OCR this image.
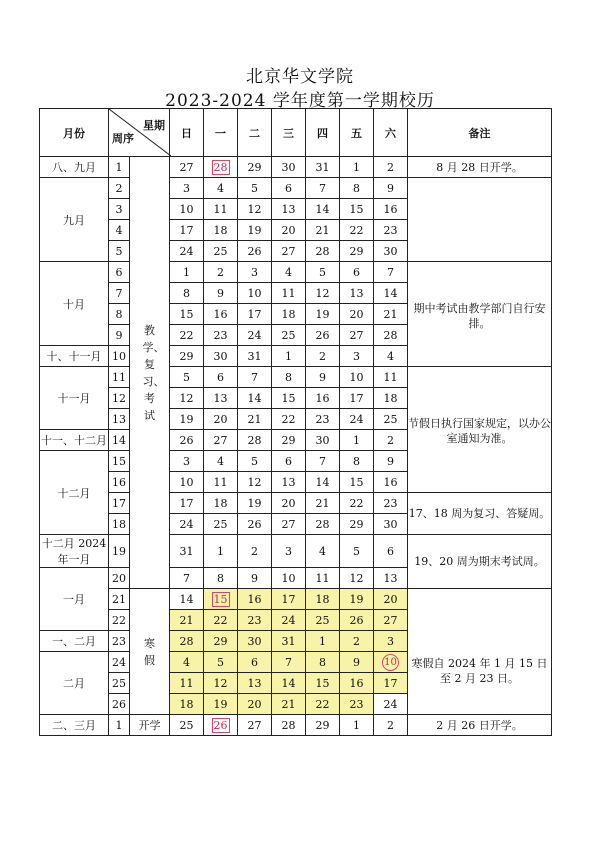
北京华文学院
2023-2024 学年度第一学期校历
月份	星期
周序		日	一	二	三	四	五	六	备注
八、九月	1	教学、复习、考试	27	28	29	30	31	1	2	8 月 28 日开学。
九月	2		3	4	5	6	7	8	9	
	3		10	11	12	13	14	15	16	
	4		17	18	19	20	21	22	23	
	5		24	25	26	27	28	29	30	
十月	6		1	2	3	4	5	6	7	期中考试由教学部门自行安排。
	7		8	9	10	11	12	13	14	
	8		15	16	17	18	19	20	21	
	9		22	23	24	25	26	27	28	
十、十一月	10		29	30	31	1	2	3	4	
十一月	11		5	6	7	8	9	10	11	节假日执行国家规定，以办公室通知为准。
	12		12	13	14	15	16	17	18	
	13		19	20	21	22	23	24	25	
十一、十二月	14		26	27	28	29	30	1	2	
十二月	15		3	4	5	6	7	8	9	
	16		10	11	12	13	14	15	16	
	17		17	18	19	20	21	22	23	17、18 周为复习、答疑周。
	18		24	25	26	27	28	29	30	
十二月 2024 年一月	19		31	1	2	3	4	5	6	19、20 周为期末考试周。
一月	20		7	8	9	10	11	12	13	
	21	寒假	14	15	16	17	18	19	20	寒假自 2024 年 1 月 15 日至 2 月 23 日。
	22		21	22	23	24	25	26	27	
一、二月	23		28	29	30	31	1	2	3	
二月	24		4	5	6	7	8	9	10	
	25		11	12	13	14	15	16	17	
	26		18	19	20	21	22	23	24	
二、三月	1	开学	25	26	27	28	29	1	2	2 月 26 日开学。
